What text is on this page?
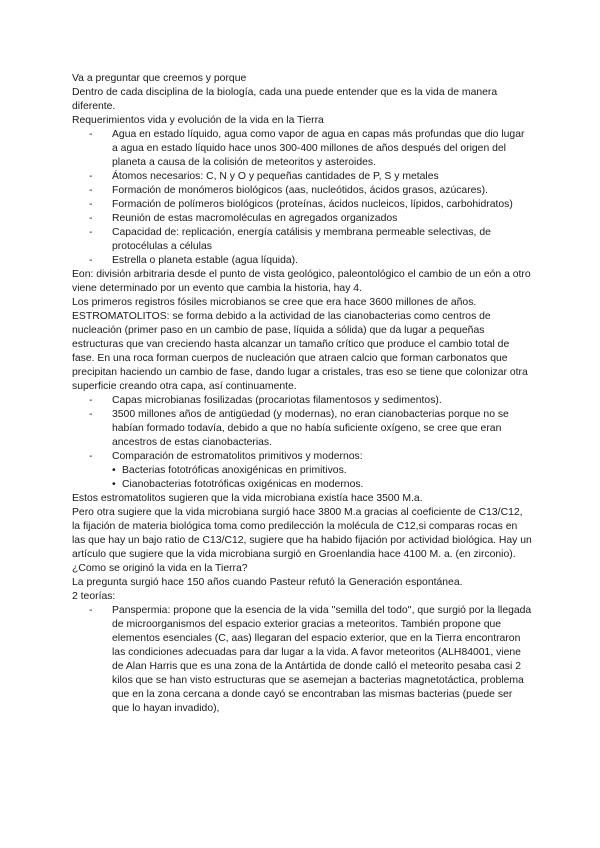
Va a preguntar que creemos y porque

Dentro de cada disciplina de la biología, cada una puede entender que es la vida de manera diferente.

Requerimientos vida y evolución de la vida en la Tierra

- Agua en estado líquido, agua como vapor de agua en capas más profundas que dio lugar a agua en estado líquido hace unos 300-400 millones de años después del origen del planeta a causa de la colisión de meteoritos y asteroides.
- Átomos necesarios: C, N y O y pequeñas cantidades de P, S y metales
- Formación de monómeros biológicos (aas, nucleótidos, ácidos grasos, azúcares).
- Formación de polímeros biológicos (proteínas, ácidos nucleicos, lípidos, carbohidratos)
- Reunión de estas macromoléculas en agregados organizados
- Capacidad de: replicación, energía catálisis y membrana permeable selectivas, de protocélulas a células
- Estrella o planeta estable (agua líquida).

Eon: división arbitraria desde el punto de vista geológico, paleontológico el cambio de un eón a otro viene determinado por un evento que cambia la historia, hay 4.

Los primeros registros fósiles microbianos se cree que era hace 3600 millones de años.

ESTROMATOLITOS: se forma debido a la actividad de las cianobacterias como centros de nucleación (primer paso en un cambio de pase, líquida a sólida) que da lugar a pequeñas estructuras que van creciendo hasta alcanzar un tamaño crítico que produce el cambio total de fase. En una roca forman cuerpos de nucleación que atraen calcio que forman carbonatos que precipitan haciendo un cambio de fase, dando lugar a cristales, tras eso se tiene que colonizar otra superficie creando otra capa, así continuamente.

- Capas microbianas fosilizadas (procariotas filamentosos y sedimentos).
- 3500 millones años de antigüedad (y modernas), no eran cianobacterias porque no se habían formado todavía, debido a que no había suficiente oxígeno, se cree que eran ancestros de estas cianobacterias.
- Comparación de estromatolitos primitivos y modernos:
• Bacterias fototróficas anoxigénicas en primitivos.
• Cianobacterias fototróficas oxigénicas en modernos.

Estos estromatolitos sugieren que la vida microbiana existía hace 3500 M.a.

Pero otra sugiere que la vida microbiana surgió hace 3800 M.a gracias al coeficiente de C13/C12, la fijación de materia biológica toma como predilección la molécula de C12,si comparas rocas en las que hay un bajo ratio de C13/C12, sugiere que ha habido fijación por actividad biológica. Hay un artículo que sugiere que la vida microbiana surgió en Groenlandia hace 4100 M. a. (en zirconio).

¿Como se originó la vida en la Tierra?

La pregunta surgió hace 150 años cuando Pasteur refutó la Generación espontánea.

2 teorías:

- Panspermia: propone que la esencia de la vida ''semilla del todo'', que surgió por la llegada de microorganismos del espacio exterior gracias a meteoritos. También propone que elementos esenciales (C, aas) llegaran del espacio exterior, que en la Tierra encontraron las condiciones adecuadas para dar lugar a la vida. A favor meteoritos (ALH84001, viene de Alan Harris que es una zona de la Antártida de donde calló el meteorito pesaba casi 2 kilos que se han visto estructuras que se asemejan a bacterias magnetotáctica, problema que en la zona cercana a donde cayó se encontraban las mismas bacterias (puede ser que lo hayan invadido),
